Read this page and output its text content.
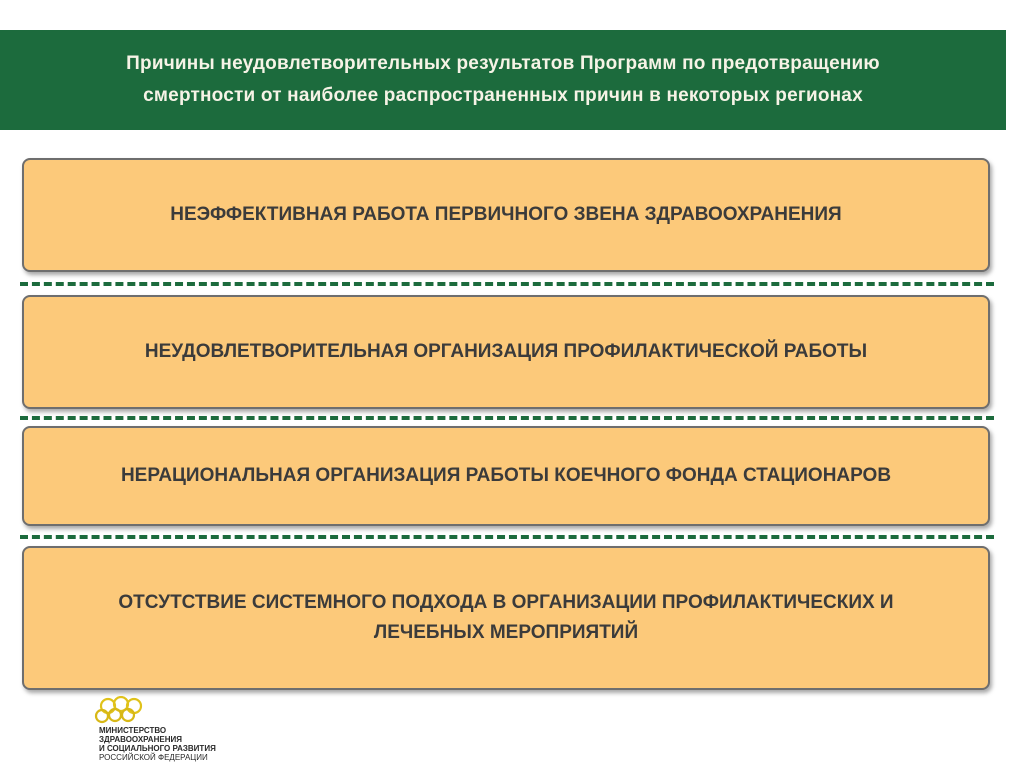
Причины неудовлетворительных результатов Программ по предотвращению
смертности от наиболее распространенных причин в некоторых регионах
НЕЭФФЕКТИВНАЯ РАБОТА ПЕРВИЧНОГО ЗВЕНА ЗДРАВООХРАНЕНИЯ
НЕУДОВЛЕТВОРИТЕЛЬНАЯ ОРГАНИЗАЦИЯ ПРОФИЛАКТИЧЕСКОЙ РАБОТЫ
НЕРАЦИОНАЛЬНАЯ ОРГАНИЗАЦИЯ РАБОТЫ КОЕЧНОГО ФОНДА СТАЦИОНАРОВ
ОТСУТСТВИЕ СИСТЕМНОГО ПОДХОДА В ОРГАНИЗАЦИИ ПРОФИЛАКТИЧЕСКИХ И ЛЕЧЕБНЫХ МЕРОПРИЯТИЙ
МИНИСТЕРСТВО
ЗДРАВООХРАНЕНИЯ
И СОЦИАЛЬНОГО РАЗВИТИЯ
РОССИЙСКОЙ ФЕДЕРАЦИИ
